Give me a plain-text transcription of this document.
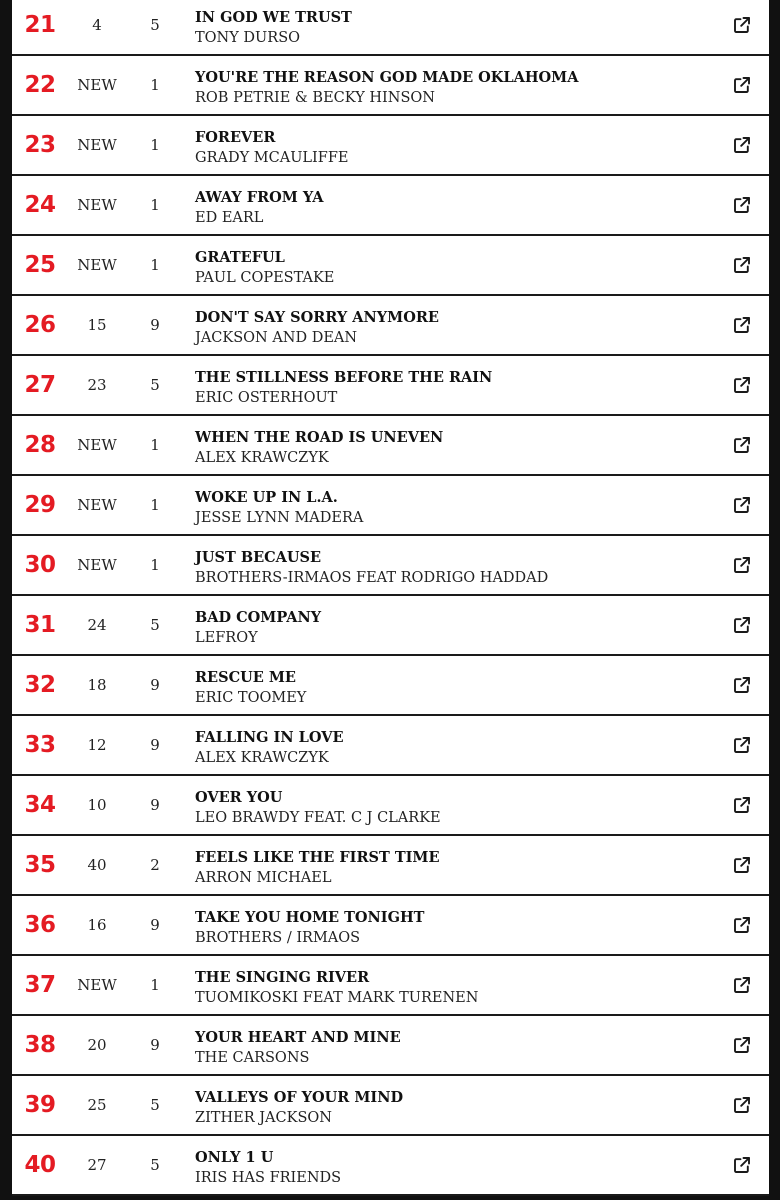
21	4	5	IN GOD WE TRUST
TONY DURSO
22	NEW	1	YOU'RE THE REASON GOD MADE OKLAHOMA
ROB PETRIE & BECKY HINSON
23	NEW	1	FOREVER
GRADY MCAULIFFE
24	NEW	1	AWAY FROM YA
ED EARL
25	NEW	1	GRATEFUL
PAUL COPESTAKE
26	15	9	DON'T SAY SORRY ANYMORE
JACKSON AND DEAN
27	23	5	THE STILLNESS BEFORE THE RAIN
ERIC OSTERHOUT
28	NEW	1	WHEN THE ROAD IS UNEVEN
ALEX KRAWCZYK
29	NEW	1	WOKE UP IN L.A.
JESSE LYNN MADERA
30	NEW	1	JUST BECAUSE
BROTHERS-IRMAOS FEAT RODRIGO HADDAD
31	24	5	BAD COMPANY
LEFROY
32	18	9	RESCUE ME
ERIC TOOMEY
33	12	9	FALLING IN LOVE
ALEX KRAWCZYK
34	10	9	OVER YOU
LEO BRAWDY FEAT. C J CLARKE
35	40	2	FEELS LIKE THE FIRST TIME
ARRON MICHAEL
36	16	9	TAKE YOU HOME TONIGHT
BROTHERS / IRMAOS
37	NEW	1	THE SINGING RIVER
TUOMIKOSKI FEAT MARK TURENEN
38	20	9	YOUR HEART AND MINE
THE CARSONS
39	25	5	VALLEYS OF YOUR MIND
ZITHER JACKSON
40	27	5	ONLY 1 U
IRIS HAS FRIENDS
